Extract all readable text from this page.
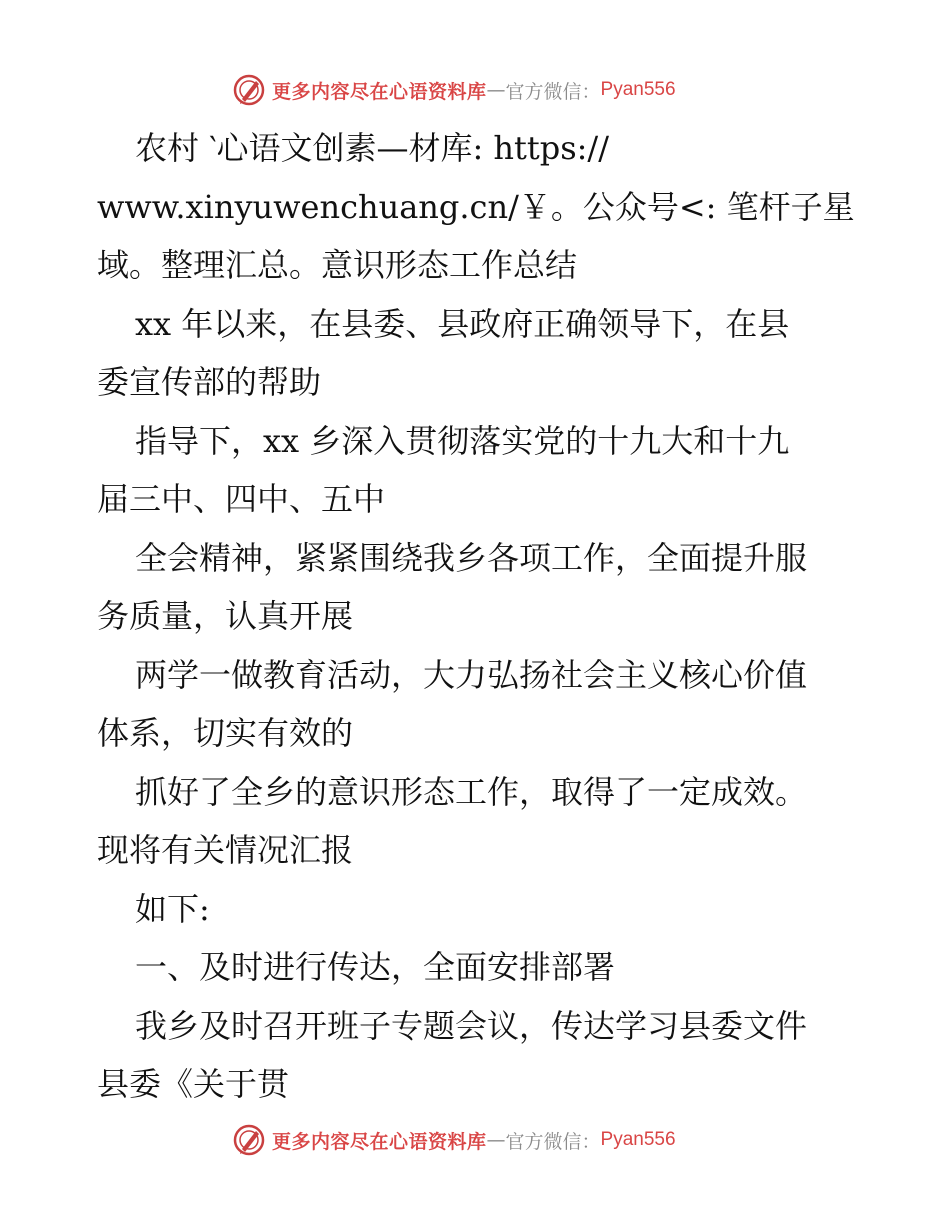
更多内容尽在心语资料库 — 官方微信： Pyan556
农村 ‵心语文创素—材库: https://
www.xinyuwenchuang.cn/￥。公众号<: 笔杆子星
域。整理汇总。意识形态工作总结
xx 年以来，在县委、县政府正确领导下，在县
委宣传部的帮助
指导下，xx 乡深入贯彻落实党的十九大和十九
届三中、四中、五中
全会精神，紧紧围绕我乡各项工作，全面提升服
务质量，认真开展
两学一做教育活动，大力弘扬社会主义核心价值
体系，切实有效的
抓好了全乡的意识形态工作，取得了一定成效。
现将有关情况汇报
如下:
一、及时进行传达，全面安排部署
我乡及时召开班子专题会议，传达学习县委文件
县委《关于贯
更多内容尽在心语资料库 — 官方微信： Pyan556
